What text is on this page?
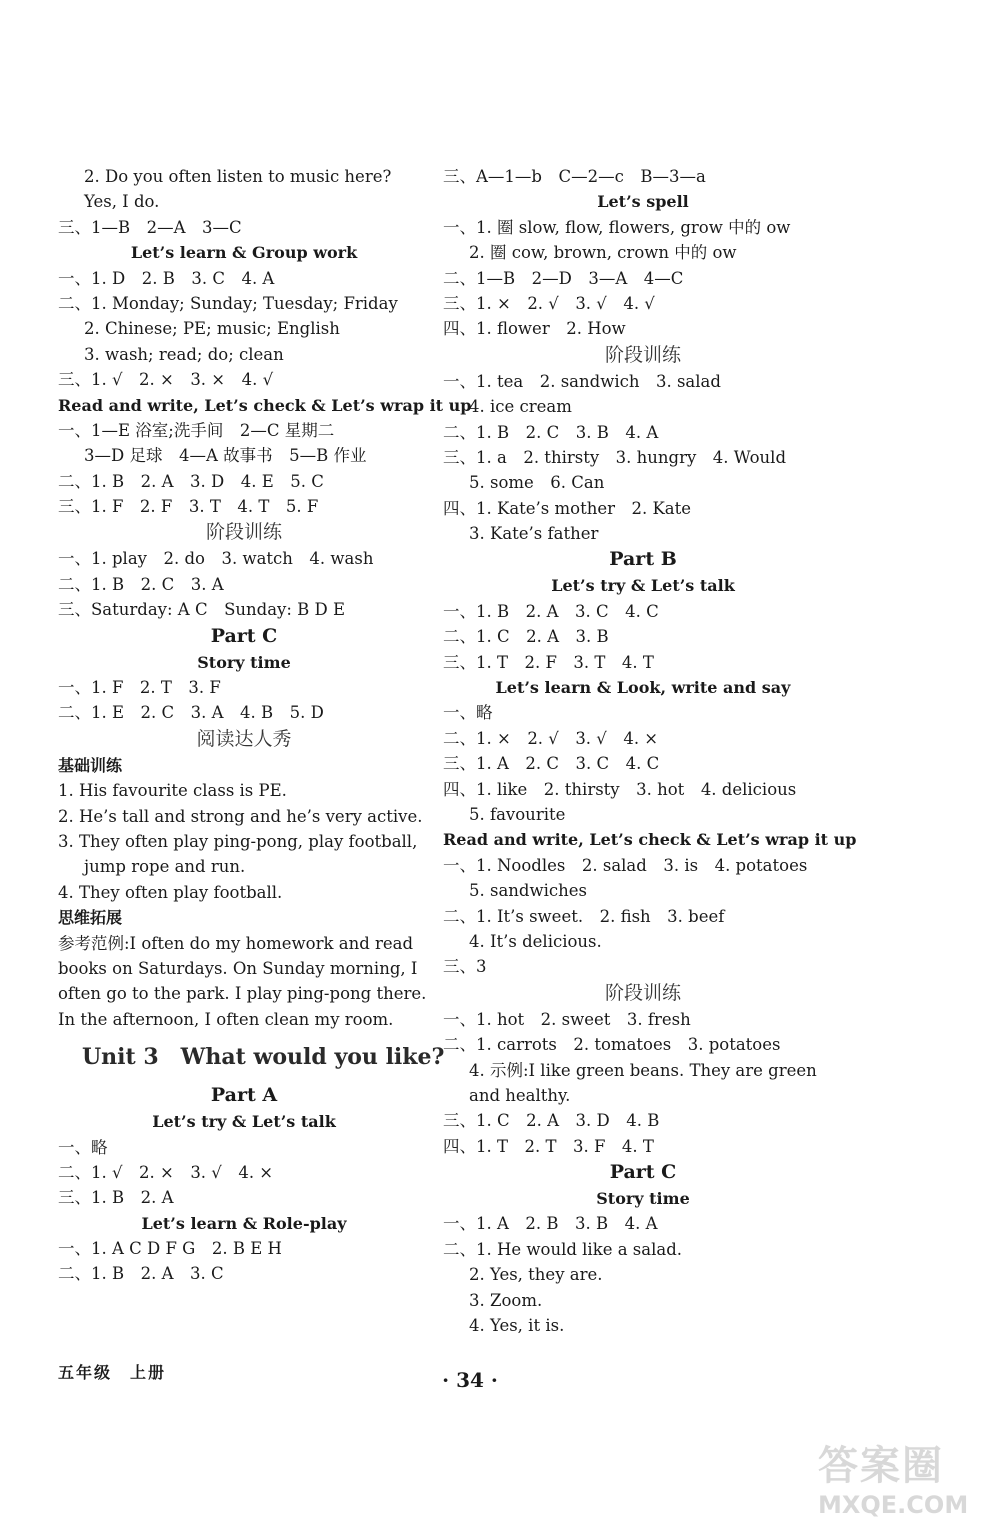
2. Do you often listen to music here?
Yes, I do.
三、1—B　2—A　3—C
Let’s learn & Group work
一、1. D　2. B　3. C　4. A
二、1. Monday; Sunday; Tuesday; Friday
2. Chinese; PE; music; English
3. wash; read; do; clean
三、1. √　2. ×　3. ×　4. √
Read and write, Let’s check & Let’s wrap it up
一、1—E 浴室;洗手间　2—C 星期二
3—D 足球　4—A 故事书　5—B 作业
二、1. B　2. A　3. D　4. E　5. C
三、1. F　2. F　3. T　4. T　5. F
阶段训练
一、1. play　2. do　3. watch　4. wash
二、1. B　2. C　3. A
三、Saturday: A C　Sunday: B D E
Part C
Story time
一、1. F　2. T　3. F
二、1. E　2. C　3. A　4. B　5. D
阅读达人秀
基础训练
1. His favourite class is PE.
2. He’s tall and strong and he’s very active.
3. They often play ping-pong, play football,
jump rope and run.
4. They often play football.
思维拓展
参考范例:I often do my homework and read
books on Saturdays. On Sunday morning, I
often go to the park. I play ping-pong there.
In the afternoon, I often clean my room.
Unit 3　What would you like?
Part A
Let’s try & Let’s talk
一、略
二、1. √　2. ×　3. √　4. ×
三、1. B　2. A
Let’s learn & Role-play
一、1. A C D F G　2. B E H
二、1. B　2. A　3. C
三、A—1—b　C—2—c　B—3—a
Let’s spell
一、1. 圈 slow, flow, flowers, grow 中的 ow
2. 圈 cow, brown, crown 中的 ow
二、1—B　2—D　3—A　4—C
三、1. ×　2. √　3. √　4. √
四、1. flower　2. How
阶段训练
一、1. tea　2. sandwich　3. salad
4. ice cream
二、1. B　2. C　3. B　4. A
三、1. a　2. thirsty　3. hungry　4. Would
5. some　6. Can
四、1. Kate’s mother　2. Kate
3. Kate’s father
Part B
Let’s try & Let’s talk
一、1. B　2. A　3. C　4. C
二、1. C　2. A　3. B
三、1. T　2. F　3. T　4. T
Let’s learn & Look, write and say
一、略
二、1. ×　2. √　3. √　4. ×
三、1. A　2. C　3. C　4. C
四、1. like　2. thirsty　3. hot　4. delicious
5. favourite
Read and write, Let’s check & Let’s wrap it up
一、1. Noodles　2. salad　3. is　4. potatoes
5. sandwiches
二、1. It’s sweet.　2. fish　3. beef
4. It’s delicious.
三、3
阶段训练
一、1. hot　2. sweet　3. fresh
二、1. carrots　2. tomatoes　3. potatoes
4. 示例:I like green beans. They are green
and healthy.
三、1. C　2. A　3. D　4. B
四、1. T　2. T　3. F　4. T
Part C
Story time
一、1. A　2. B　3. B　4. A
二、1. He would like a salad.
2. Yes, they are.
3. Zoom.
4. Yes, it is.
五年级　上册	· 34 ·
答案圈
MXQE.COM
